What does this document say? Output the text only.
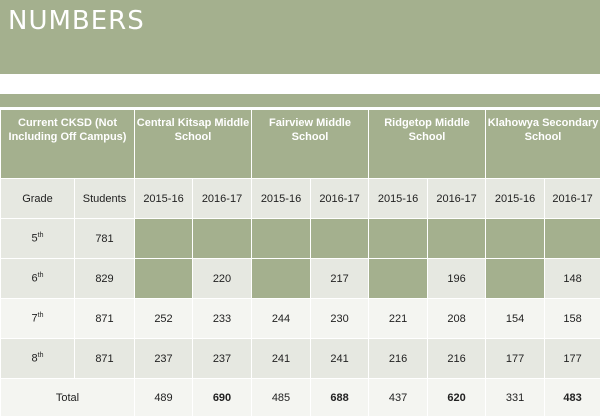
NUMBERS
Current CKSD (Not Including Off Campus)		Central Kitsap Middle School		Fairview Middle School		Ridgetop Middle School		Klahowya Secondary School	
Grade	Students	2015-16	2016-17	2015-16	2016-17	2015-16	2016-17	2015-16	2016-17
5th	781								
6th	829		220		217		196		148
7th	871	252	233	244	230	221	208	154	158
8th	871	237	237	241	241	216	216	177	177
Total		489	690	485	688	437	620	331	483
